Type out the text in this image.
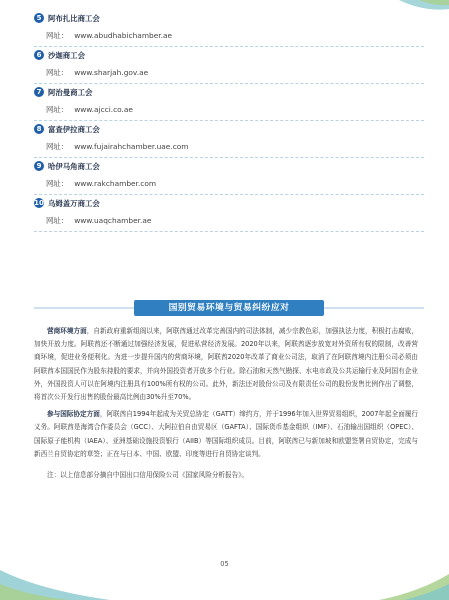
5 阿布扎比商工会
网址： www.abudhabichamber.ae
6 沙迦商工会
网址： www.sharjah.gov.ae
7 阿治曼商工会
网址： www.ajcci.co.ae
8 富查伊拉商工会
网址： www.fujairahchamber.uae.com
9 哈伊马角商工会
网址： www.rakchamber.com
10 乌姆盖万商工会
网址： www.uaqchamber.ae
国别贸易环境与贸易纠纷应对

营商环境方面，自新政府重新组阁以来，阿联酋通过改革完善国内的司法体制，减少宗教色彩，加强执法力度，积极打击腐败，加快开放力度。阿联酋还不断通过加强经济发展，促进私营经济发展。2020年以来，阿联酋逐步放宽对外资所有权的限制，改善营商环境，促进业务便利化。为进一步提升国内的营商环境，阿联酋2020年改革了商业公司法，取消了在阿联酋境内注册公司必须由阿联酋本国国民作为股东持股的要求，并向外国投资者开放多个行业。除石油和天然气勘探、水电市政及公共运输行业及阿国有企业外，外国投资人可以在阿境内注册具有100%所有权的公司。此外，新法还对股份公司及有限责任公司的股份发售比例作出了调整，将首次公开发行出售的股份最高比例由30%升至70%。

参与国际协定方面，阿联酋自1994年起成为关贸总协定（GATT）缔约方，并于1996年加入世界贸易组织，2007年起全面履行义务。阿联酋是海湾合作委员会（GCC）、大阿拉伯自由贸易区（GAFTA）、国际货币基金组织（IMF）、石油输出国组织（OPEC）、国际原子能机构（IAEA）、亚洲基础设施投资银行（AIIB）等国际组织成员。目前，阿联酋已与新加坡和欧盟签署自贸协定，完成与新西兰自贸协定的草签；正在与日本、中国、欧盟、印度等进行自贸协定谈判。

注：以上信息部分摘自中国出口信用保险公司《国家风险分析报告》。
05
